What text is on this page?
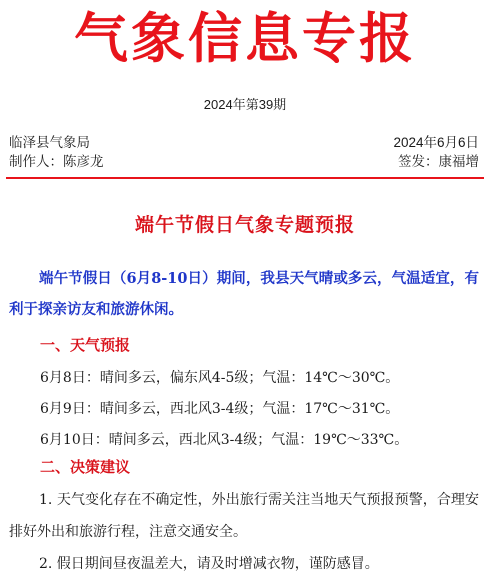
气象信息专报
2024年第39期
临泽县气象局	2024年6月6日
制作人：陈彦龙	签发：康福增
端午节假日气象专题预报
端午节假日（6月8-10日）期间，我县天气晴或多云，气温适宜，有利于探亲访友和旅游休闲。
一、天气预报
6月8日：晴间多云，偏东风4-5级；气温：14℃～30℃。
6月9日：晴间多云，西北风3-4级；气温：17℃～31℃。
6月10日：晴间多云，西北风3-4级；气温：19℃～33℃。
二、决策建议
1. 天气变化存在不确定性，外出旅行需关注当地天气预报预警，合理安排好外出和旅游行程，注意交通安全。
2. 假日期间昼夜温差大，请及时增减衣物，谨防感冒。
